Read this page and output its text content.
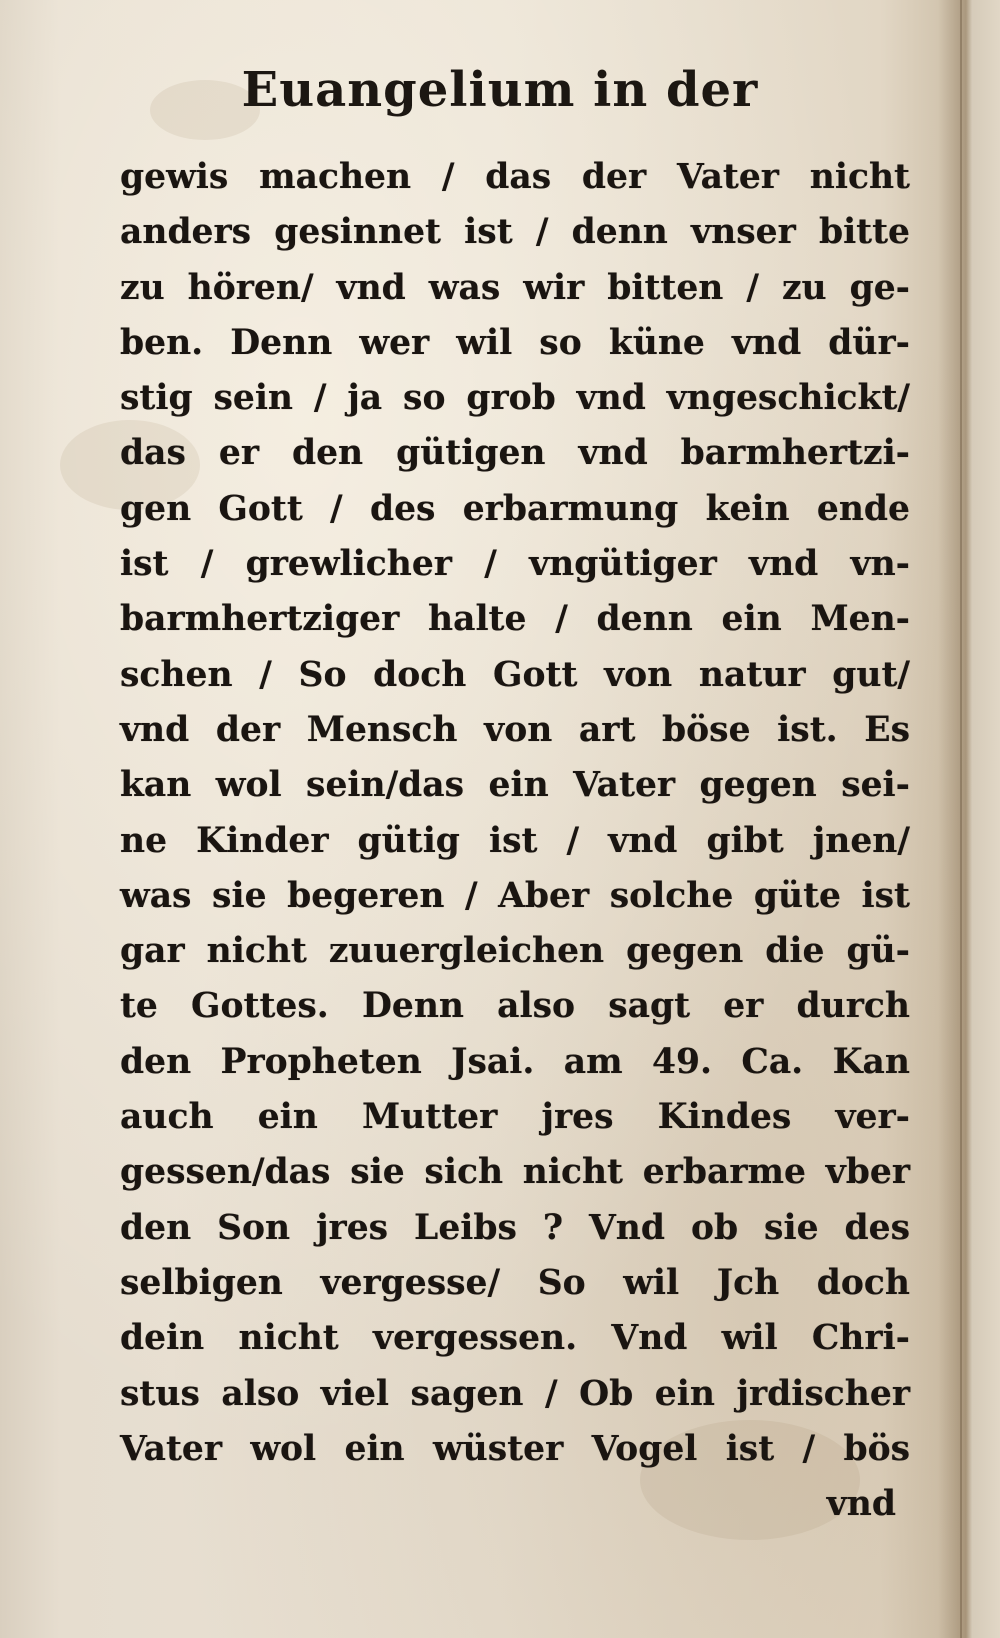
Euangelium in der
gewis machen / das der Vater nicht
anders gesinnet ist / denn vnser bitte
zu hören/ vnd was wir bitten / zu ge-
ben. Denn wer wil so küne vnd dür-
stig sein / ja so grob vnd vngeschickt/
das er den gütigen vnd barmhertzi-
gen Gott / des erbarmung kein ende
ist / grewlicher / vngütiger vnd vn-
barmhertziger halte / denn ein Men-
schen / So doch Gott von natur gut/
vnd der Mensch von art böse ist. Es
kan wol sein/das ein Vater gegen sei-
ne Kinder gütig ist / vnd gibt jnen/
was sie begeren / Aber solche güte ist
gar nicht zuuergleichen gegen die gü-
te Gottes. Denn also sagt er durch
den Propheten Jsai. am 49. Ca. Kan
auch ein Mutter jres Kindes ver-
gessen/das sie sich nicht erbarme vber
den Son jres Leibs ? Vnd ob sie des
selbigen vergesse/ So wil Jch doch
dein nicht vergessen. Vnd wil Chri-
stus also viel sagen / Ob ein jrdischer
Vater wol ein wüster Vogel ist / bös
vnd
